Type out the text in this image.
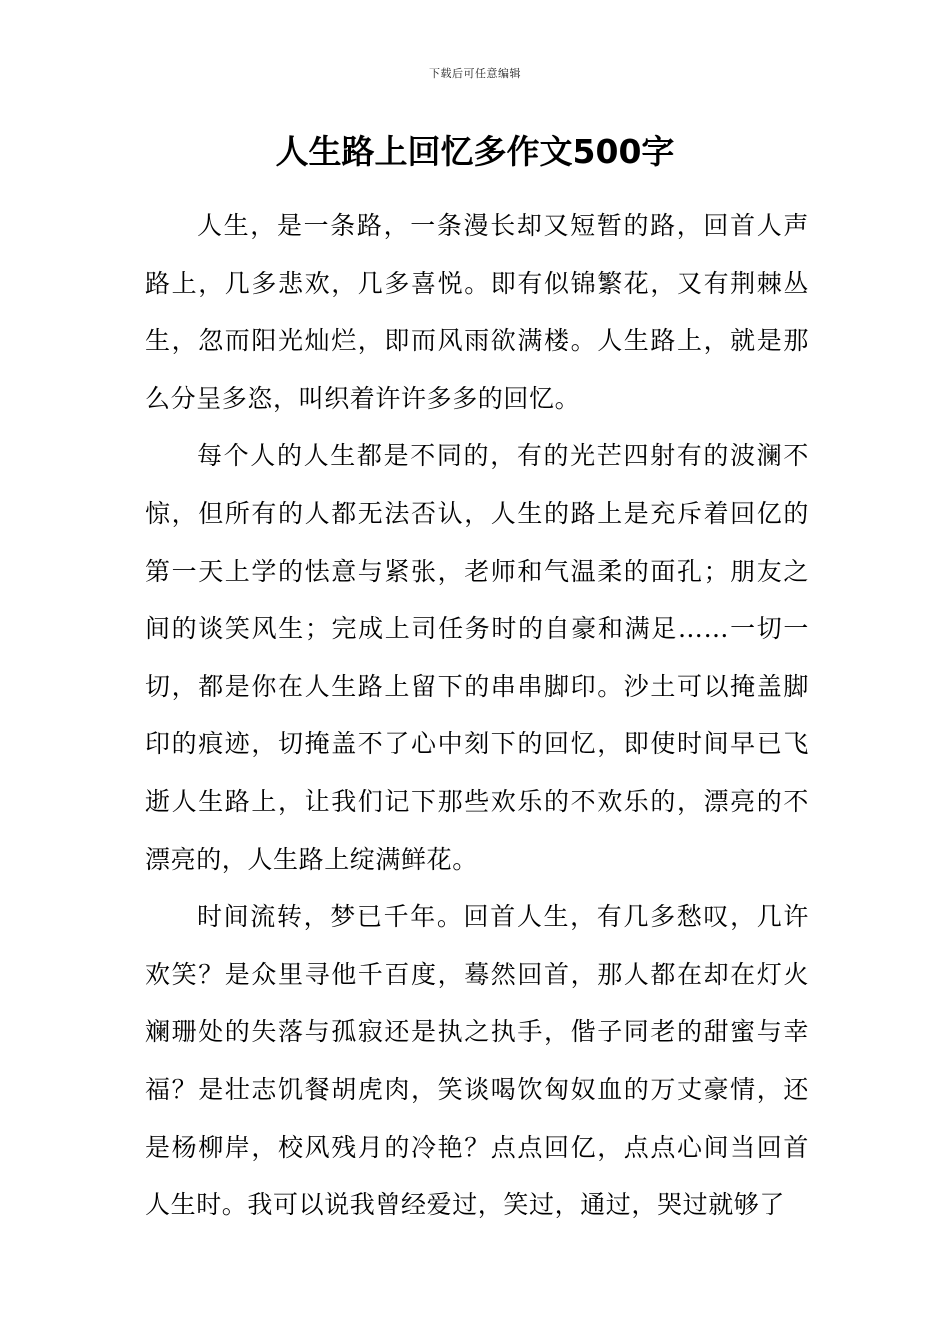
下载后可任意编辑
人生路上回忆多作文500字

人生，是一条路，一条漫长却又短暂的路，回首人声路上，几多悲欢，几多喜悦。即有似锦繁花，又有荆棘丛生，忽而阳光灿烂，即而风雨欲满楼。人生路上，就是那么分呈多恣，叫织着许许多多的回忆。

每个人的人生都是不同的，有的光芒四射有的波澜不惊，但所有的人都无法否认，人生的路上是充斥着回亿的第一天上学的怯意与紧张，老师和气温柔的面孔；朋友之间的谈笑风生；完成上司任务时的自豪和满足……一切一切，都是你在人生路上留下的串串脚印。沙土可以掩盖脚印的痕迹，切掩盖不了心中刻下的回忆，即使时间早已飞逝人生路上，让我们记下那些欢乐的不欢乐的，漂亮的不漂亮的，人生路上绽满鲜花。

时间流转，梦已千年。回首人生，有几多愁叹，几许欢笑？是众里寻他千百度，蓦然回首，那人都在却在灯火斓珊处的失落与孤寂还是执之执手，偕子同老的甜蜜与幸福？是壮志饥餐胡虎肉，笑谈喝饮匈奴血的万丈豪情，还是杨柳岸，校风残月的冷艳？点点回亿，点点心间当回首人生时。我可以说我曾经爱过，笑过，通过，哭过就够了
